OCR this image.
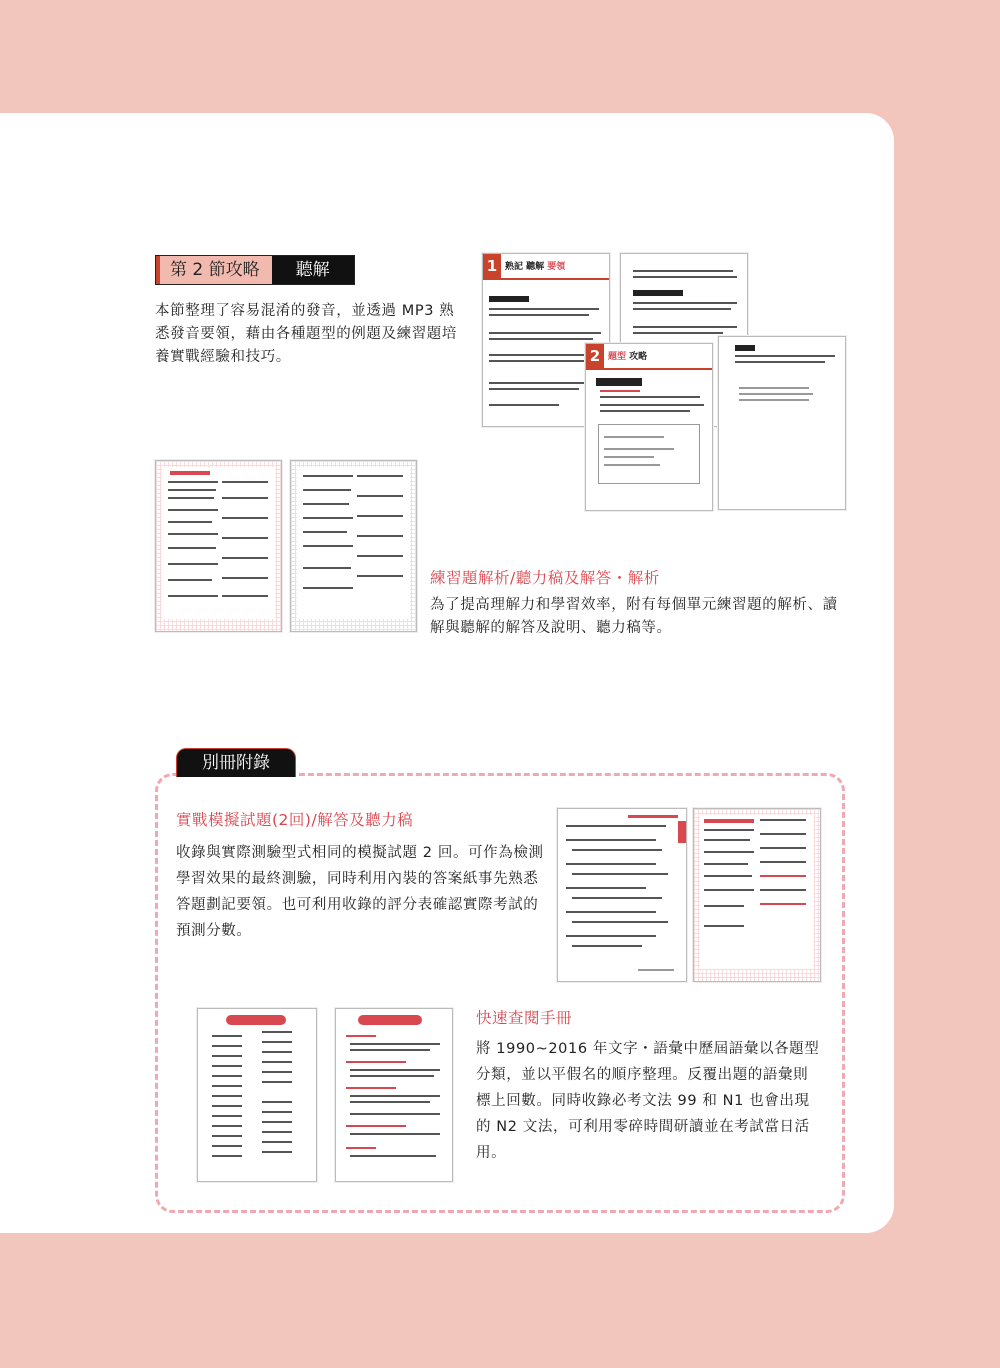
第 2 節攻略	聽解
本節整理了容易混淆的發音，並透過 MP3 熟悉發音要領，藉由各種題型的例題及練習題培養實戰經驗和技巧。
1 熟記 聽解 要領
2 題型 攻略
練習題解析/聽力稿及解答・解析
為了提高理解力和學習效率，附有每個單元練習題的解析、讀解與聽解的解答及說明、聽力稿等。
別冊附錄
實戰模擬試題(2回)/解答及聽力稿
收錄與實際測驗型式相同的模擬試題 2 回。可作為檢測學習效果的最終測驗，同時利用內裝的答案紙事先熟悉答題劃記要領。也可利用收錄的評分表確認實際考試的預測分數。
快速查閱手冊
將 1990~2016 年文字・語彙中歷屆語彙以各題型分類，並以平假名的順序整理。反覆出題的語彙則標上回數。同時收錄必考文法 99 和 N1 也會出現的 N2 文法，可利用零碎時間研讀並在考試當日活用。
